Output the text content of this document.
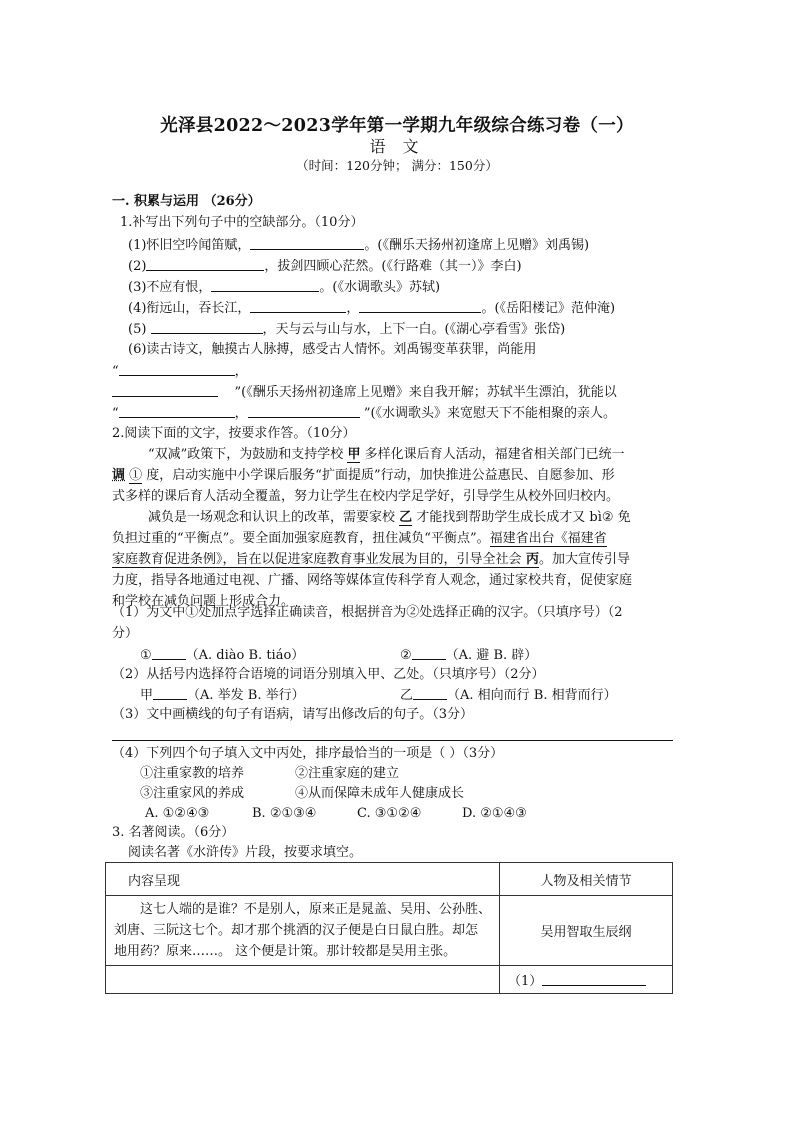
光泽县2022～2023学年第一学期九年级综合练习卷（一）
语 文
（时间：120分钟； 满分：150分）
一. 积累与运用 （26分）
1.补写出下列句子中的空缺部分。（10分）
(1)怀旧空吟闻笛赋，	。(《酬乐天扬州初逢席上见赠》刘禹锡)
(2)	，拔剑四顾心茫然。(《行路难（其一）》李白)
(3)不应有恨，	。(《水调歌头》苏轼)
(4)衔远山，吞长江，	，	。(《岳阳楼记》范仲淹)
(5)	，天与云与山与水，上下一白。(《湖心亭看雪》张岱)
(6)读古诗文，触摸古人脉搏，感受古人情怀。刘禹锡变革获罪，尚能用
“	，
”(《酬乐天扬州初逢席上见赠》来自我开解；苏轼半生漂泊，犹能以
“	，	”(《水调歌头》来宽慰天下不能相聚的亲人。
2.阅读下面的文字，按要求作答。（10分）
“双减”政策下，为鼓励和支持学校 甲 多样化课后育人活动，福建省相关部门已统一
调 ① 度，启动实施中小学课后服务“扩面提质”行动，加快推进公益惠民、自愿参加、形
式多样的课后育人活动全覆盖，努力让学生在校内学足学好，引导学生从校外回归校内。
减负是一场观念和认识上的改革，需要家校 乙 才能找到帮助学生成长成才又 bì② 免
负担过重的“平衡点”。要全面加强家庭教育，扭住减负“平衡点”。福建省出台《福建省
家庭教育促进条例》，旨在以促进家庭教育事业发展为目的，引导全社会 丙。加大宣传引导
力度，指导各地通过电视、广播、网络等媒体宣传科学育人观念，通过家校共育，促使家庭
和学校在减负问题上形成合力。
（1）为文中①处加点字选择正确读音，根据拼音为②处选择正确的汉字。（只填序号）（2
分）
①	（A. diào B. tiáo）	②	（A. 避 B. 辟）
（2）从括号内选择符合语境的词语分别填入甲、乙处。（只填序号）（2分）
甲	（A. 举发 B. 举行）	乙	（A. 相向而行 B. 相背而行）
（3）文中画横线的句子有语病，请写出修改后的句子。（3分）
（4）下列四个句子填入文中丙处，排序最恰当的一项是（ ）（3分）
①注重家教的培养	②注重家庭的建立
③注重家风的养成	④从而保障未成年人健康成长
A. ①②④③	B. ②①③④	C. ③①②④	D. ②①④③
3. 名著阅读。（6分）
阅读名著《水浒传》片段，按要求填空。
内容呈现	人物及相关情节

这七人端的是谁？不是别人，原来正是晁盖、吴用、公孙胜、
刘唐、三阮这七个。却才那个挑酒的汉子便是白日鼠白胜。却怎
地用药？原来……。 这个便是计策。那计较都是吴用主张。	吴用智取生辰纲
	（1）
